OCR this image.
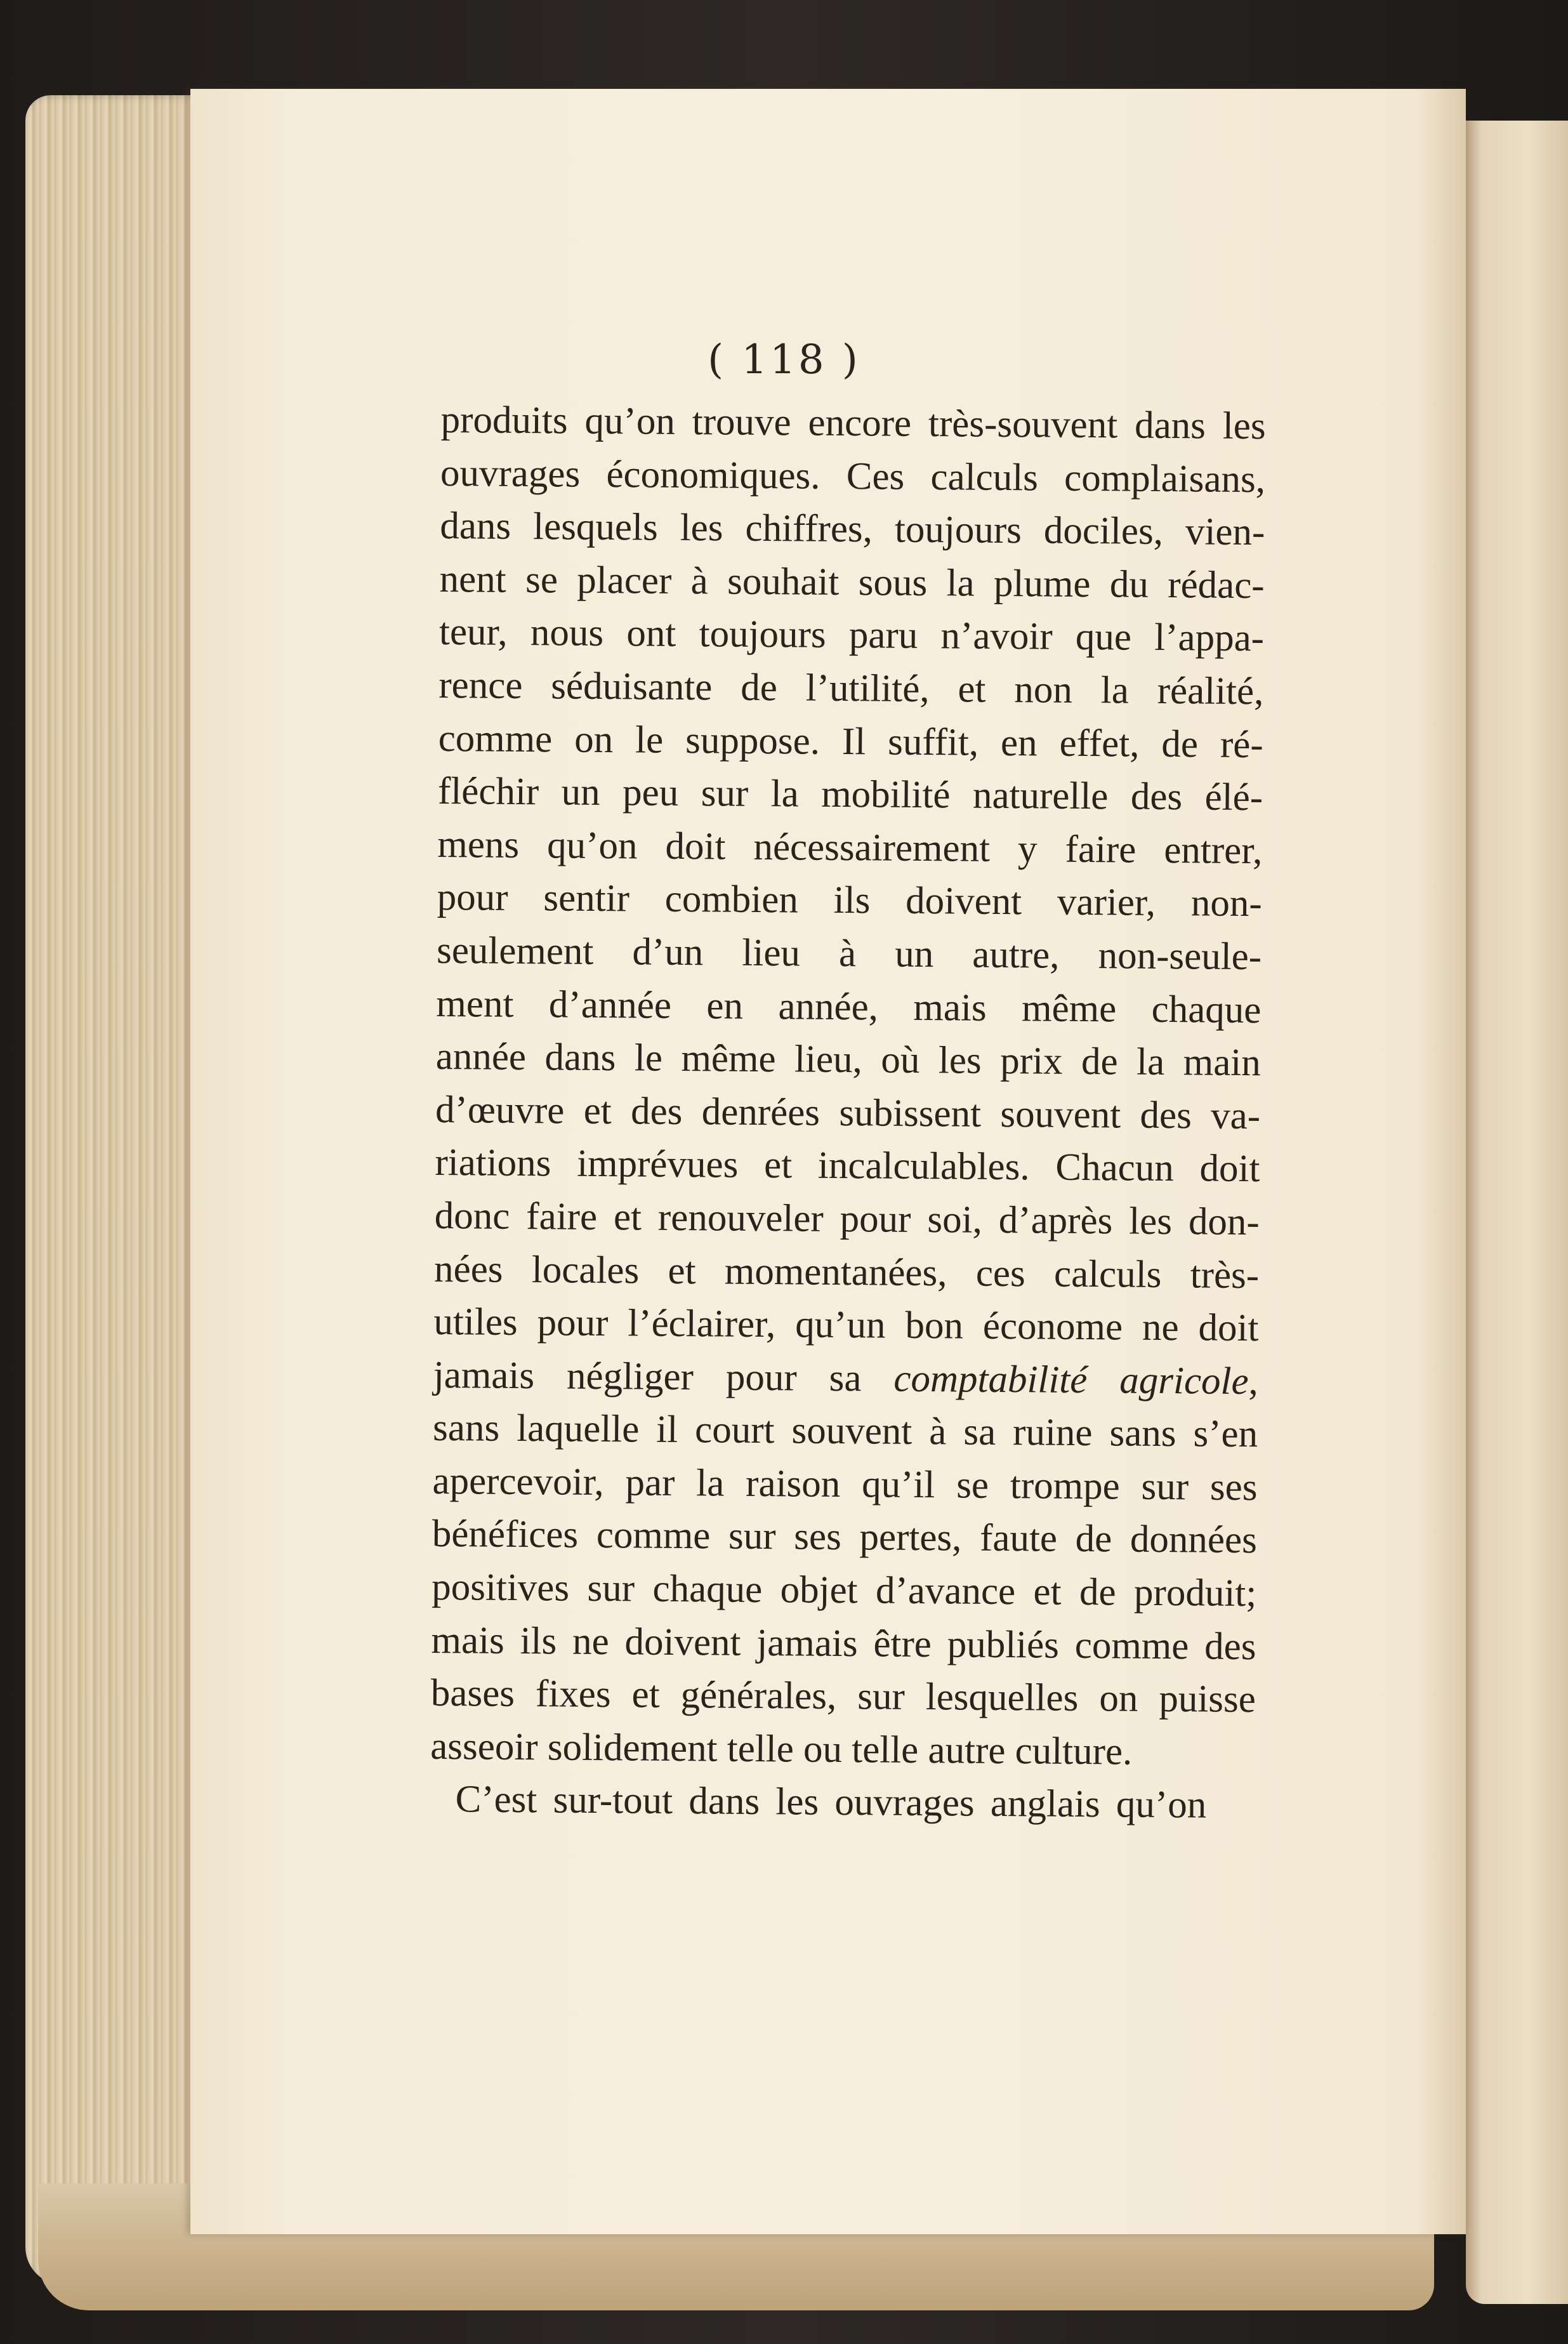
( 118 )
produits qu’on trouve encore très-souvent dans les
ouvrages économiques. Ces calculs complaisans,
dans lesquels les chiffres, toujours dociles, vien-
nent se placer à souhait sous la plume du rédac-
teur, nous ont toujours paru n’avoir que l’appa-
rence séduisante de l’utilité, et non la réalité,
comme on le suppose. Il suffit, en effet, de ré-
fléchir un peu sur la mobilité naturelle des élé-
mens qu’on doit nécessairement y faire entrer,
pour sentir combien ils doivent varier, non-
seulement d’un lieu à un autre, non-seule-
ment d’année en année, mais même chaque
année dans le même lieu, où les prix de la main
d’œuvre et des denrées subissent souvent des va-
riations imprévues et incalculables. Chacun doit
donc faire et renouveler pour soi, d’après les don-
nées locales et momentanées, ces calculs très-
utiles pour l’éclairer, qu’un bon économe ne doit
jamais négliger pour sa comptabilité agricole,
sans laquelle il court souvent à sa ruine sans s’en
apercevoir, par la raison qu’il se trompe sur ses
bénéfices comme sur ses pertes, faute de données
positives sur chaque objet d’avance et de produit;
mais ils ne doivent jamais être publiés comme des
bases fixes et générales, sur lesquelles on puisse
asseoir solidement telle ou telle autre culture.
C’est sur-tout dans les ouvrages anglais qu’on
